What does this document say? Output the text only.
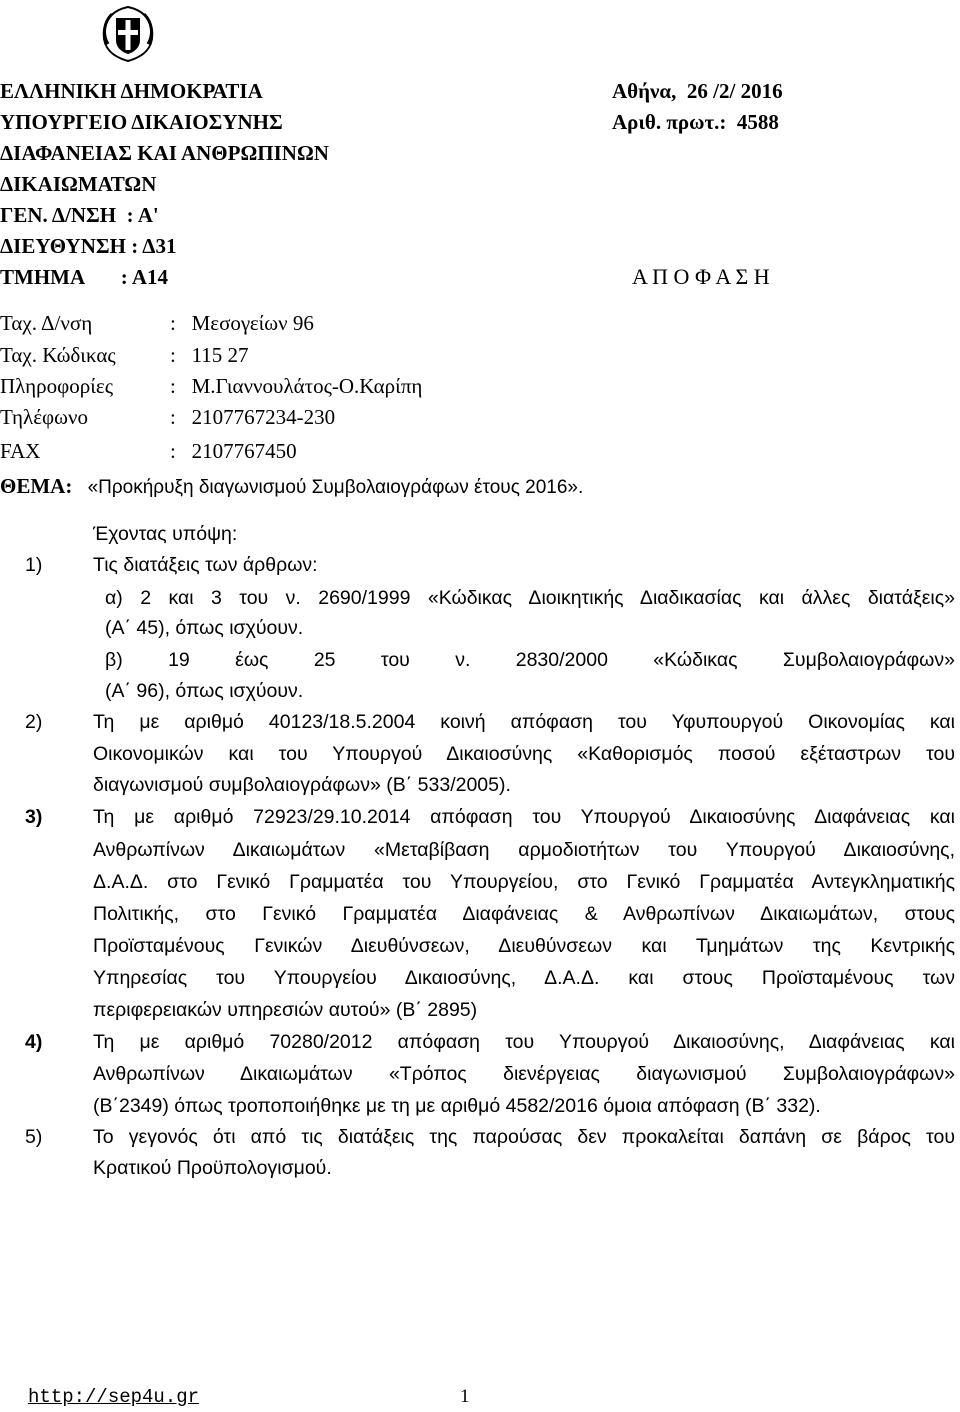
ΕΛΛΗΝΙΚΗ ΔΗΜΟΚΡΑΤΙΑ
ΥΠΟΥΡΓΕΙΟ ΔΙΚΑΙΟΣΥΝΗΣ
ΔΙΑΦΑΝΕΙΑΣ ΚΑΙ ΑΝΘΡΩΠΙΝΩΝ
ΔΙΚΑΙΩΜΑΤΩΝ
ΓΕΝ. Δ/ΝΣΗ  : Α'
ΔΙΕΥΘΥΝΣΗ : Δ31
ΤΜΗΜΑ       : Α14
Αθήνα,  26 /2/ 2016
Αριθ. πρωτ.:  4588
Α Π Ο Φ Α Σ Η
Ταχ. Δ/νση	:   Μεσογείων 96
Ταχ. Κώδικας	:   115 27
Πληροφορίες	:   Μ.Γιαννουλάτος-Ο.Καρίπη
Τηλέφωνο	:   2107767234-230
FAX	:   2107767450
ΘΕΜΑ: «Προκήρυξη διαγωνισμού Συμβολαιογράφων έτους 2016».
Έχοντας υπόψη:
1)	Τις διατάξεις των άρθρων:
α) 2 και 3 του ν. 2690/1999 «Κώδικας Διοικητικής Διαδικασίας και άλλες διατάξεις»
(Α΄ 45), όπως ισχύουν.
β) 19 έως 25 του ν. 2830/2000 «Κώδικας Συμβολαιογράφων»
(Α΄ 96), όπως ισχύουν.
2)	Τη με αριθμό 40123/18.5.2004 κοινή απόφαση του Υφυπουργού Οικονομίας και
Οικονομικών και του Υπουργού Δικαιοσύνης «Καθορισμός ποσού εξέταστρων του
διαγωνισμού συμβολαιογράφων» (Β΄ 533/2005).
3)	Τη με αριθμό 72923/29.10.2014 απόφαση του Υπουργού Δικαιοσύνης Διαφάνειας και
Ανθρωπίνων Δικαιωμάτων «Μεταβίβαση αρμοδιοτήτων του Υπουργού Δικαιοσύνης,
Δ.Α.Δ. στο Γενικό Γραμματέα του Υπουργείου, στο Γενικό Γραμματέα Αντεγκληματικής
Πολιτικής, στο Γενικό Γραμματέα Διαφάνειας & Ανθρωπίνων Δικαιωμάτων, στους
Προϊσταμένους Γενικών Διευθύνσεων, Διευθύνσεων και Τμημάτων της Κεντρικής
Υπηρεσίας του Υπουργείου Δικαιοσύνης, Δ.Α.Δ. και στους Προϊσταμένους των
περιφερειακών υπηρεσιών αυτού» (Β΄ 2895)
4)	Τη με αριθμό 70280/2012 απόφαση του Υπουργού Δικαιοσύνης, Διαφάνειας και
Ανθρωπίνων Δικαιωμάτων «Τρόπος διενέργειας διαγωνισμού Συμβολαιογράφων»
(Β΄2349) όπως τροποποιήθηκε με τη με αριθμό 4582/2016 όμοια απόφαση (Β΄ 332).
5)	Το γεγονός ότι από τις διατάξεις της παρούσας δεν προκαλείται δαπάνη σε βάρος του
Κρατικού Προϋπολογισμού.
http://sep4u.gr	1
